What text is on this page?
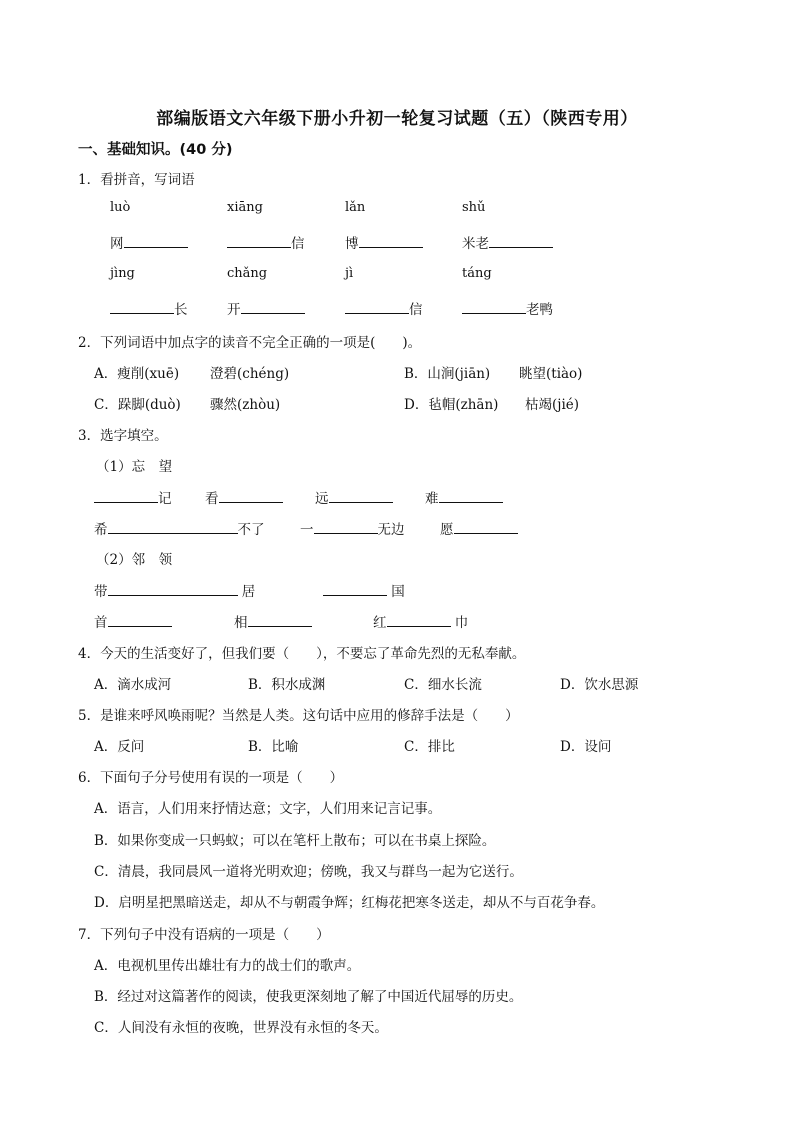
部编版语文六年级下册小升初一轮复习试题（五）（陕西专用）
一、基础知识。(40 分)
1．看拼音，写词语
luò	xiāng	lǎn	shǔ
网	信	博	米老
jìng	chǎng	jì	táng
长	开	信	老鸭
2．下列词语中加点字的读音不完全正确的一项是(　　)。
A．瘦削(xuē) 澄碧(chéng)	B．山涧(jiān) 眺望(tiào)
C．跺脚(duò) 骤然(zhòu)	D．毡帽(zhān) 枯竭(jié)
3．选字填空。
（1）忘　望
记 看	远	难
希	不了	一	无边	愿
（2）邻　领
带	居	国
首	相	红	巾
4．今天的生活变好了，但我们要（　　），不要忘了革命先烈的无私奉献。
A．滴水成河	B．积水成渊	C．细水长流	D．饮水思源
5．是谁来呼风唤雨呢？当然是人类。这句话中应用的修辞手法是（　　）
A．反问	B．比喻	C．排比	D．设问
6．下面句子分号使用有误的一项是（　　）
A．语言，人们用来抒情达意；文字，人们用来记言记事。
B．如果你变成一只蚂蚁；可以在笔杆上散布；可以在书桌上探险。
C．清晨，我同晨风一道将光明欢迎；傍晚，我又与群鸟一起为它送行。
D．启明星把黑暗送走，却从不与朝霞争辉；红梅花把寒冬送走，却从不与百花争春。
7．下列句子中没有语病的一项是（　　）
A．电视机里传出雄壮有力的战士们的歌声。
B．经过对这篇著作的阅读，使我更深刻地了解了中国近代屈辱的历史。
C．人间没有永恒的夜晚，世界没有永恒的冬天。
